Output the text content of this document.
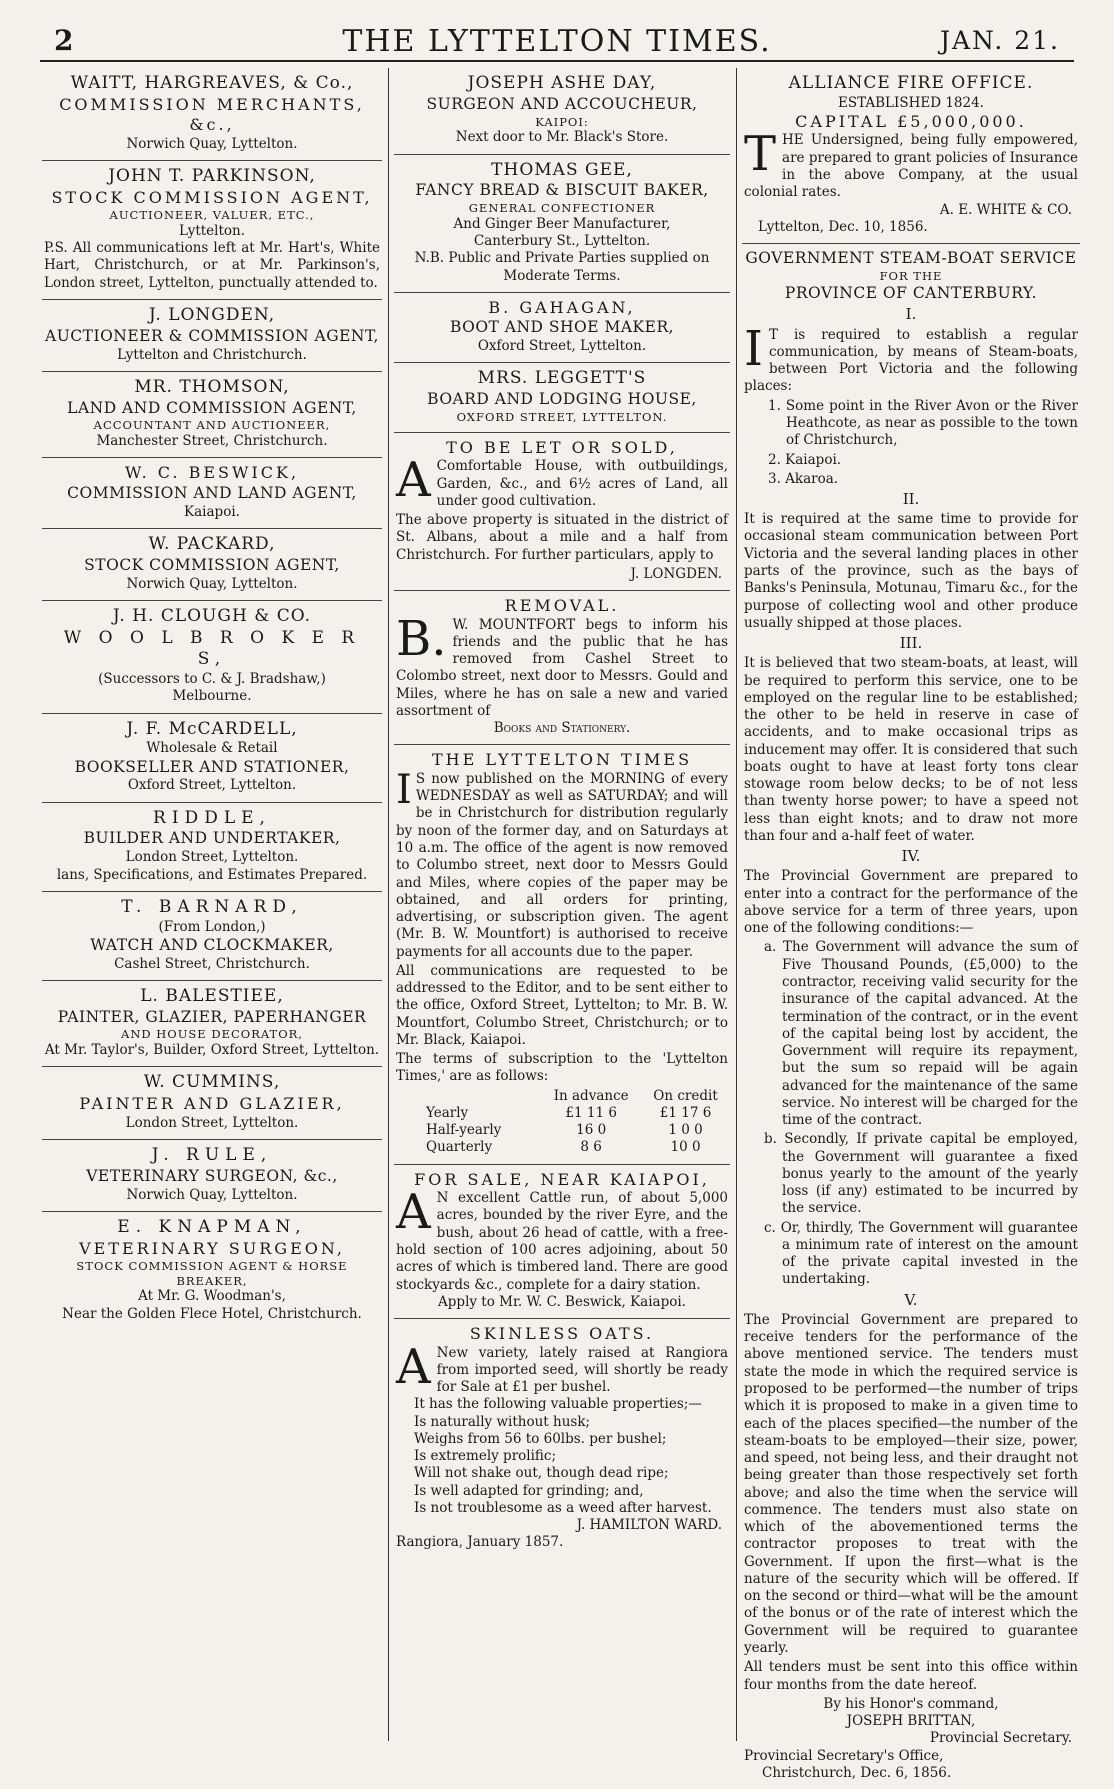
2	THE LYTTELTON TIMES.	JAN. 21.
WAITT, HARGREAVES, & Co.,
COMMISSION MERCHANTS, &c.,
Norwich Quay, Lyttelton.
JOHN T. PARKINSON,
STOCK COMMISSION AGENT,
AUCTIONEER, VALUER, ETC.,
Lyttelton.
P.S. All communications left at Mr. Hart's, White Hart, Christchurch, or at Mr. Parkinson's, London street, Lyttelton, punctually attended to.
J. LONGDEN,
AUCTIONEER & COMMISSION AGENT,
Lyttelton and Christchurch.
MR. THOMSON,
LAND AND COMMISSION AGENT,
ACCOUNTANT AND AUCTIONEER,
Manchester Street, Christchurch.
W. C. BESWICK,
COMMISSION AND LAND AGENT,
Kaiapoi.
W. PACKARD,
STOCK COMMISSION AGENT,
Norwich Quay, Lyttelton.
J. H. CLOUGH & CO.
W O O L B R O K E R S,
(Successors to C. & J. Bradshaw,)
Melbourne.
J. F. McCARDELL,
Wholesale & Retail
BOOKSELLER AND STATIONER,
Oxford Street, Lyttelton.
RIDDLE,
BUILDER AND UNDERTAKER,
London Street, Lyttelton.
lans, Specifications, and Estimates Prepared.
T. BARNARD,
(From London,)
WATCH AND CLOCKMAKER,
Cashel Street, Christchurch.
L. BALESTIEE,
PAINTER, GLAZIER, PAPERHANGER
AND HOUSE DECORATOR,
At Mr. Taylor's, Builder, Oxford Street, Lyttelton.
W. CUMMINS,
PAINTER AND GLAZIER,
London Street, Lyttelton.
J. RULE,
VETERINARY SURGEON, &c.,
Norwich Quay, Lyttelton.
E. KNAPMAN,
VETERINARY SURGEON,
STOCK COMMISSION AGENT & HORSE BREAKER,
At Mr. G. Woodman's,
Near the Golden Flece Hotel, Christchurch.
JOSEPH ASHE DAY,
SURGEON AND ACCOUCHEUR,
KAIPOI:
Next door to Mr. Black's Store.
THOMAS GEE,
FANCY BREAD & BISCUIT BAKER,
GENERAL CONFECTIONER
And Ginger Beer Manufacturer,
Canterbury St., Lyttelton.
N.B. Public and Private Parties supplied on Moderate Terms.
B. GAHAGAN,
BOOT AND SHOE MAKER,
Oxford Street, Lyttelton.
MRS. LEGGETT'S
BOARD AND LODGING HOUSE,
OXFORD STREET, LYTTELTON.
TO BE LET OR SOLD,
A Comfortable House, with outbuildings, Garden, &c., and 6½ acres of Land, all under good cultivation.

The above property is situated in the district of St. Albans, about a mile and a half from Christchurch. For further particulars, apply to

J. LONGDEN.
REMOVAL.
B. W. MOUNTFORT begs to inform his friends and the public that he has removed from Cashel Street to Colombo street, next door to Messrs. Gould and Miles, where he has on sale a new and varied assortment of
Books and Stationery.
THE LYTTELTON TIMES
I S now published on the MORNING of every WEDNESDAY as well as SATURDAY; and will be in Christchurch for distribution regularly by noon of the former day, and on Saturdays at 10 a.m. The office of the agent is now removed to Columbo street, next door to Messrs Gould and Miles, where copies of the paper may be obtained, and all orders for printing, advertising, or subscription given. The agent (Mr. B. W. Mountfort) is authorised to receive payments for all accounts due to the paper.

All communications are requested to be addressed to the Editor, and to be sent either to the office, Oxford Street, Lyttelton; to Mr. B. W. Mountfort, Columbo Street, Christchurch; or to Mr. Black, Kaiapoi.

The terms of subscription to the 'Lyttelton Times,' are as follows:

In advance	On credit
Yearly	£1 11 6	£1 17 6
Half-yearly	16 0	1 0 0
Quarterly	8 6	10 0
FOR SALE, NEAR KAIAPOI,
A N excellent Cattle run, of about 5,000 acres, bounded by the river Eyre, and the bush, about 26 head of cattle, with a free-hold section of 100 acres adjoining, about 50 acres of which is timbered land. There are good stockyards &c., complete for a dairy station.
Apply to Mr. W. C. Beswick, Kaiapoi.
SKINLESS OATS.
A New variety, lately raised at Rangiora from imported seed, will shortly be ready for Sale at £1 per bushel.
It has the following valuable properties;—
Is naturally without husk;
Weighs from 56 to 60lbs. per bushel;
Is extremely prolific;
Will not shake out, though dead ripe;
Is well adapted for grinding; and,
Is not troublesome as a weed after harvest.
J. HAMILTON WARD.
Rangiora, January 1857.
ALLIANCE FIRE OFFICE.
ESTABLISHED 1824.
CAPITAL £5,000,000.
T HE Undersigned, being fully empowered, are prepared to grant policies of Insurance in the above Company, at the usual colonial rates.
A. E. WHITE & CO.
Lyttelton, Dec. 10, 1856.
GOVERNMENT STEAM-BOAT SERVICE
FOR THE
PROVINCE OF CANTERBURY.
I.
I T is required to establish a regular communication, by means of Steam-boats, between Port Victoria and the following places:

1. Some point in the River Avon or the River Heathcote, as near as possible to the town of Christchurch,

2. Kaiapoi.

3. Akaroa.

II.

It is required at the same time to provide for occasional steam communication between Port Victoria and the several landing places in other parts of the province, such as the bays of Banks's Peninsula, Motunau, Timaru &c., for the purpose of collecting wool and other produce usually shipped at those places.

III.

It is believed that two steam-boats, at least, will be required to perform this service, one to be employed on the regular line to be established; the other to be held in reserve in case of accidents, and to make occasional trips as inducement may offer. It is considered that such boats ought to have at least forty tons clear stowage room below decks; to be of not less than twenty horse power; to have a speed not less than eight knots; and to draw not more than four and a-half feet of water.

IV.

The Provincial Government are prepared to enter into a contract for the performance of the above service for a term of three years, upon one of the following conditions:—

a. The Government will advance the sum of Five Thousand Pounds, (£5,000) to the contractor, receiving valid security for the insurance of the capital advanced. At the termination of the contract, or in the event of the capital being lost by accident, the Government will require its repayment, but the sum so repaid will be again advanced for the maintenance of the same service. No interest will be charged for the time of the contract.

b. Secondly, If private capital be employed, the Government will guarantee a fixed bonus yearly to the amount of the yearly loss (if any) estimated to be incurred by the service.

c. Or, thirdly, The Government will guarantee a minimum rate of interest on the amount of the private capital invested in the undertaking.

V.

The Provincial Government are prepared to receive tenders for the performance of the above mentioned service. The tenders must state the mode in which the required service is proposed to be performed—the number of trips which it is proposed to make in a given time to each of the places specified—the number of the steam-boats to be employed—their size, power, and speed, not being less, and their draught not being greater than those respectively set forth above; and also the time when the service will commence. The tenders must also state on which of the abovementioned terms the contractor proposes to treat with the Government. If upon the first—what is the nature of the security which will be offered. If on the second or third—what will be the amount of the bonus or of the rate of interest which the Government will be required to guarantee yearly.

All tenders must be sent into this office within four months from the date hereof.

By his Honor's command,
JOSEPH BRITTAN,
Provincial Secretary.
Provincial Secretary's Office,
Christchurch, Dec. 6, 1856.
